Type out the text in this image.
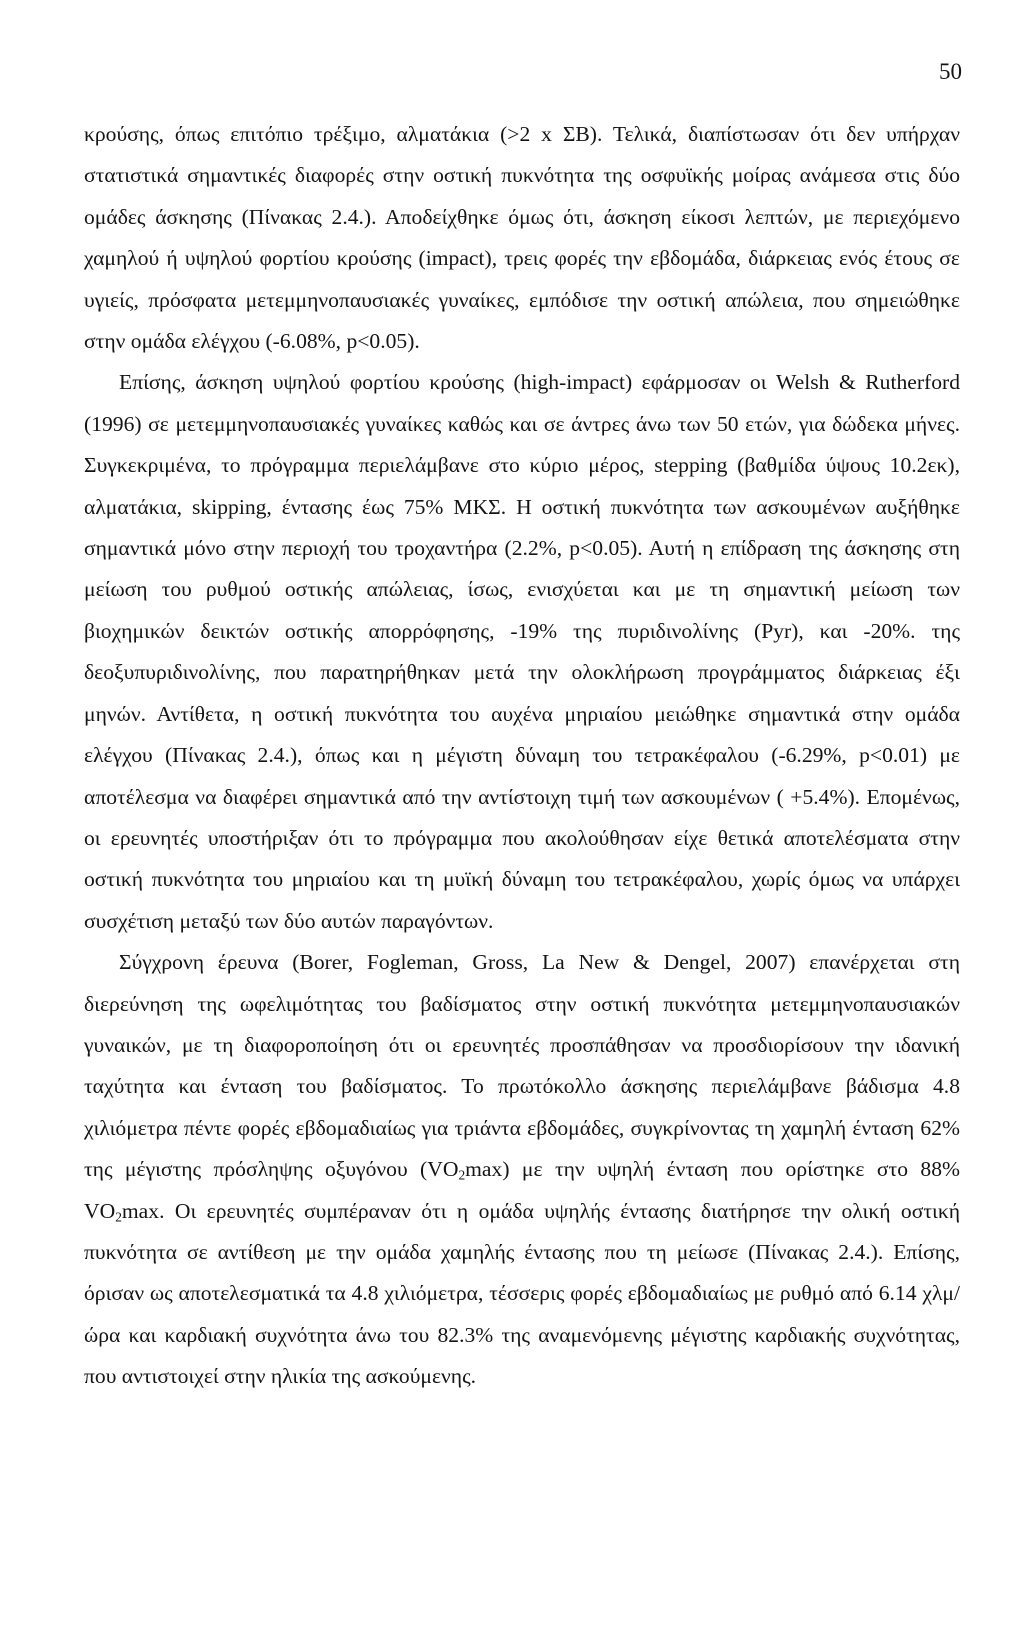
50

κρούσης, όπως επιτόπιο τρέξιμο, αλματάκια (>2 x ΣΒ). Τελικά, διαπίστωσαν ότι δεν υπήρχαν στατιστικά σημαντικές διαφορές στην οστική πυκνότητα της οσφυϊκής μοίρας ανάμεσα στις δύο ομάδες άσκησης (Πίνακας 2.4.). Αποδείχθηκε όμως ότι, άσκηση είκοσι λεπτών, με περιεχόμενο χαμηλού ή υψηλού φορτίου κρούσης (impact), τρεις φορές την εβδομάδα, διάρκειας ενός έτους σε υγιείς, πρόσφατα μετεμμηνοπαυσιακές γυναίκες, εμπόδισε την οστική απώλεια, που σημειώθηκε στην ομάδα ελέγχου (-6.08%, p<0.05).

Επίσης, άσκηση υψηλού φορτίου κρούσης (high-impact) εφάρμοσαν οι Welsh & Rutherford (1996) σε μετεμμηνοπαυσιακές γυναίκες καθώς και σε άντρες άνω των 50 ετών, για δώδεκα μήνες. Συγκεκριμένα, το πρόγραμμα περιελάμβανε στο κύριο μέρος, stepping (βαθμίδα ύψους 10.2εκ), αλματάκια, skipping, έντασης έως 75% ΜΚΣ. Η οστική πυκνότητα των ασκουμένων αυξήθηκε σημαντικά μόνο στην περιοχή του τροχαντήρα (2.2%, p<0.05). Αυτή η επίδραση της άσκησης στη μείωση του ρυθμού οστικής απώλειας, ίσως, ενισχύεται και με τη σημαντική μείωση των βιοχημικών δεικτών οστικής απορρόφησης, -19% της πυριδινολίνης (Pyr), και -20%. της δεοξυπυριδινολίνης, που παρατηρήθηκαν μετά την ολοκλήρωση προγράμματος διάρκειας έξι μηνών. Αντίθετα, η οστική πυκνότητα του αυχένα μηριαίου μειώθηκε σημαντικά στην ομάδα ελέγχου (Πίνακας 2.4.), όπως και η μέγιστη δύναμη του τετρακέφαλου (-6.29%, p<0.01) με αποτέλεσμα να διαφέρει σημαντικά από την αντίστοιχη τιμή των ασκουμένων ( +5.4%). Επομένως, οι ερευνητές υποστήριξαν ότι το πρόγραμμα που ακολούθησαν είχε θετικά αποτελέσματα στην οστική πυκνότητα του μηριαίου και τη μυϊκή δύναμη του τετρακέφαλου, χωρίς όμως να υπάρχει συσχέτιση μεταξύ των δύο αυτών παραγόντων.

Σύγχρονη έρευνα (Borer, Fogleman, Gross, La New & Dengel, 2007) επανέρχεται στη διερεύνηση της ωφελιμότητας του βαδίσματος στην οστική πυκνότητα μετεμμηνοπαυσιακών γυναικών, με τη διαφοροποίηση ότι οι ερευνητές προσπάθησαν να προσδιορίσουν την ιδανική ταχύτητα και ένταση του βαδίσματος. Το πρωτόκολλο άσκησης περιελάμβανε βάδισμα 4.8 χιλιόμετρα πέντε φορές εβδομαδιαίως για τριάντα εβδομάδες, συγκρίνοντας τη χαμηλή ένταση 62% της μέγιστης πρόσληψης οξυγόνου $(VO_2\max)$ με την υψηλή ένταση που ορίστηκε στο 88% $VO_2\max$. Οι ερευνητές συμπέραναν ότι η ομάδα υψηλής έντασης διατήρησε την ολική οστική πυκνότητα σε αντίθεση με την ομάδα χαμηλής έντασης που τη μείωσε (Πίνακας 2.4.). Επίσης, όρισαν ως αποτελεσματικά τα 4.8 χιλιόμετρα, τέσσερις φορές εβδομαδιαίως με ρυθμό από 6.14 χλμ/ώρα και καρδιακή συχνότητα άνω του 82.3% της αναμενόμενης μέγιστης καρδιακής συχνότητας, που αντιστοιχεί στην ηλικία της ασκούμενης.
